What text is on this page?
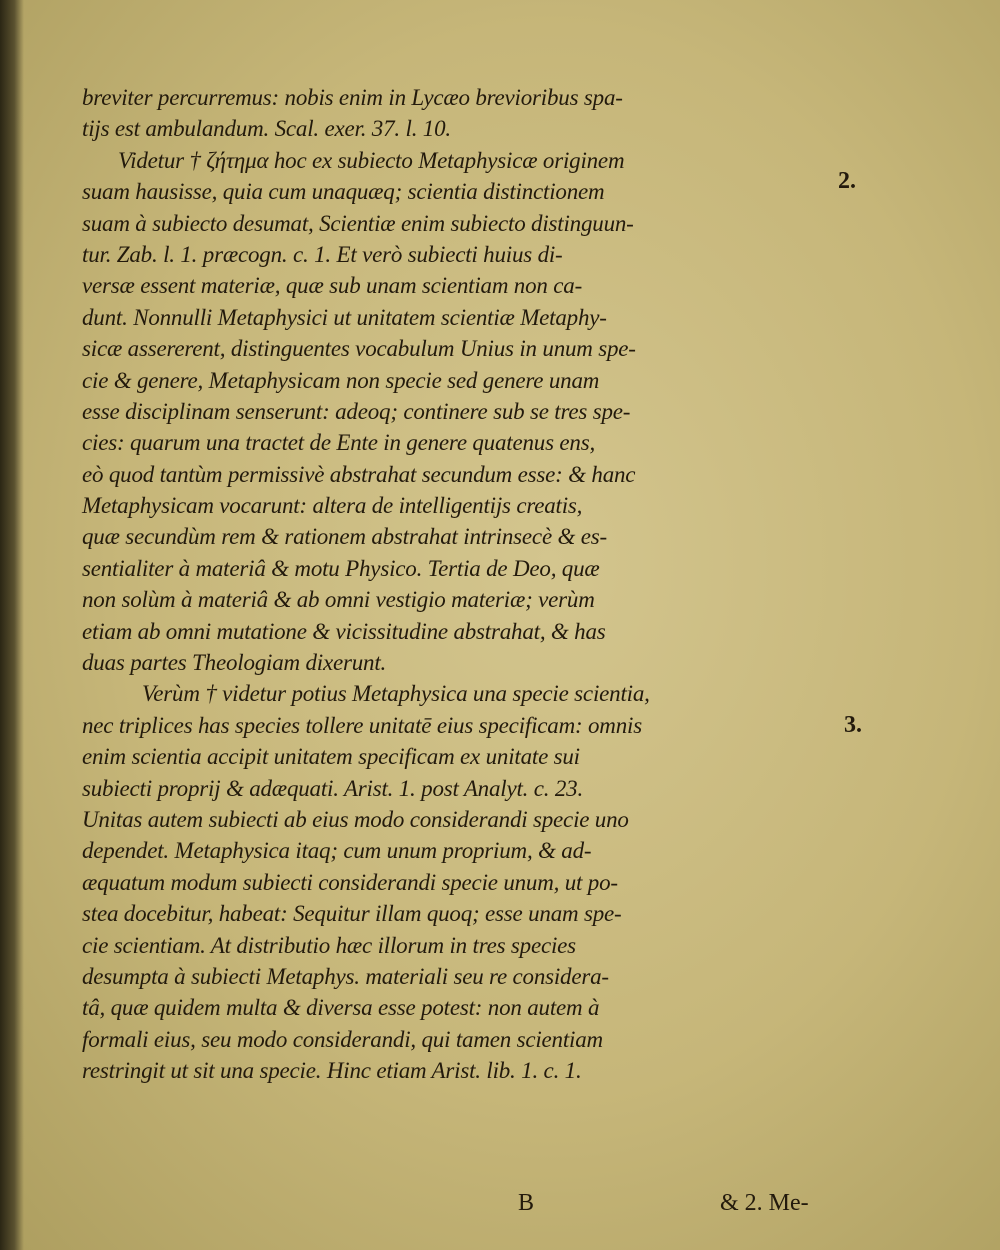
breviter percurremus: nobis enim in Lycæo brevioribus spa-
tijs est ambulandum. Scal. exer. 37. l. 10.
Videtur † ζήτημα hoc ex subiecto Metaphysicæ originem
suam hausisse, quia cum unaquæq; scientia distinctionem
suam à subiecto desumat, Scientiæ enim subiecto distinguun-
tur. Zab. l. 1. præcogn. c. 1. Et verò subiecti huius di-
versæ essent materiæ, quæ sub unam scientiam non ca-
dunt. Nonnulli Metaphysici ut unitatem scientiæ Metaphy-
sicæ assererent, distinguentes vocabulum Unius in unum spe-
cie & genere, Metaphysicam non specie sed genere unam
esse disciplinam senserunt: adeoq; continere sub se tres spe-
cies: quarum una tractet de Ente in genere quatenus ens,
eò quod tantùm permissivè abstrahat secundum esse: & hanc
Metaphysicam vocarunt: altera de intelligentijs creatis,
quæ secundùm rem & rationem abstrahat intrinsecè & es-
sentialiter à materiâ & motu Physico. Tertia de Deo, quæ
non solùm à materiâ & ab omni vestigio materiæ; verùm
etiam ab omni mutatione & vicissitudine abstrahat, & has
duas partes Theologiam dixerunt.
Verùm † videtur potius Metaphysica una specie scientia,
nec triplices has species tollere unitatē eius specificam: omnis
enim scientia accipit unitatem specificam ex unitate sui
subiecti proprij & adæquati. Arist. 1. post Analyt. c. 23.
Unitas autem subiecti ab eius modo considerandi specie uno
dependet. Metaphysica itaq; cum unum proprium, & ad-
æquatum modum subiecti considerandi specie unum, ut po-
stea docebitur, habeat: Sequitur illam quoq; esse unam spe-
cie scientiam. At distributio hæc illorum in tres species
desumpta à subiecti Metaphys. materiali seu re considera-
tâ, quæ quidem multa & diversa esse potest: non autem à
formali eius, seu modo considerandi, qui tamen scientiam
restringit ut sit una specie. Hinc etiam Arist. lib. 1. c. 1.
2.
3.
B	& 2. Me-
